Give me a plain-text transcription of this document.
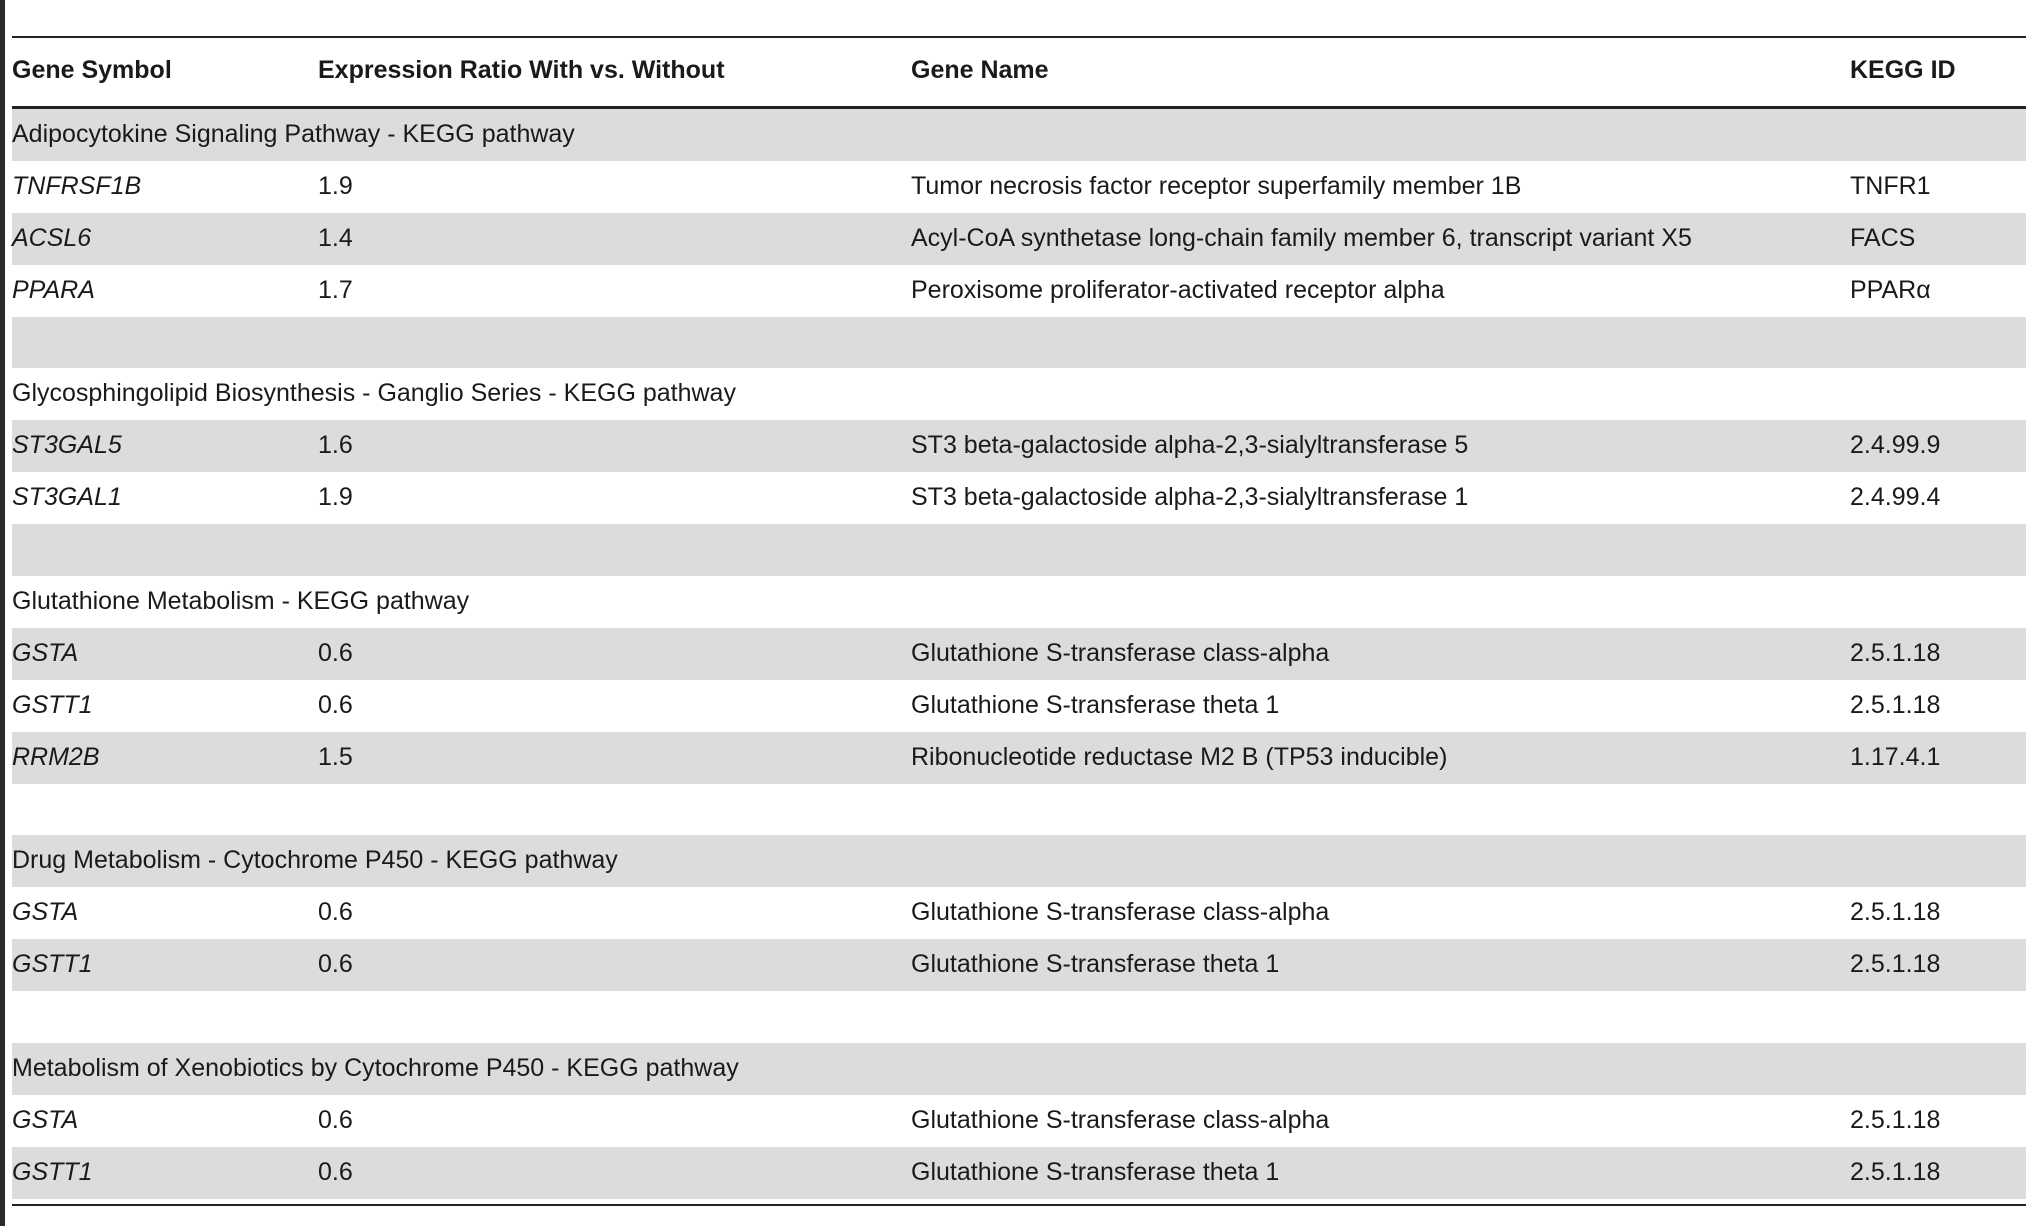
Gene Symbol	Expression Ratio With vs. Without	Gene Name	KEGG ID
Adipocytokine Signaling Pathway - KEGG pathway
TNFRSF1B	1.9	Tumor necrosis factor receptor superfamily member 1B	TNFR1
ACSL6	1.4	Acyl-CoA synthetase long-chain family member 6, transcript variant X5	FACS
PPARA	1.7	Peroxisome proliferator-activated receptor alpha	PPARα
Glycosphingolipid Biosynthesis - Ganglio Series - KEGG pathway
ST3GAL5	1.6	ST3 beta-galactoside alpha-2,3-sialyltransferase 5	2.4.99.9
ST3GAL1	1.9	ST3 beta-galactoside alpha-2,3-sialyltransferase 1	2.4.99.4
Glutathione Metabolism - KEGG pathway
GSTA	0.6	Glutathione S-transferase class-alpha	2.5.1.18
GSTT1	0.6	Glutathione S-transferase theta 1	2.5.1.18
RRM2B	1.5	Ribonucleotide reductase M2 B (TP53 inducible)	1.17.4.1
Drug Metabolism - Cytochrome P450 - KEGG pathway
GSTA	0.6	Glutathione S-transferase class-alpha	2.5.1.18
GSTT1	0.6	Glutathione S-transferase theta 1	2.5.1.18
Metabolism of Xenobiotics by Cytochrome P450 - KEGG pathway
GSTA	0.6	Glutathione S-transferase class-alpha	2.5.1.18
GSTT1	0.6	Glutathione S-transferase theta 1	2.5.1.18
